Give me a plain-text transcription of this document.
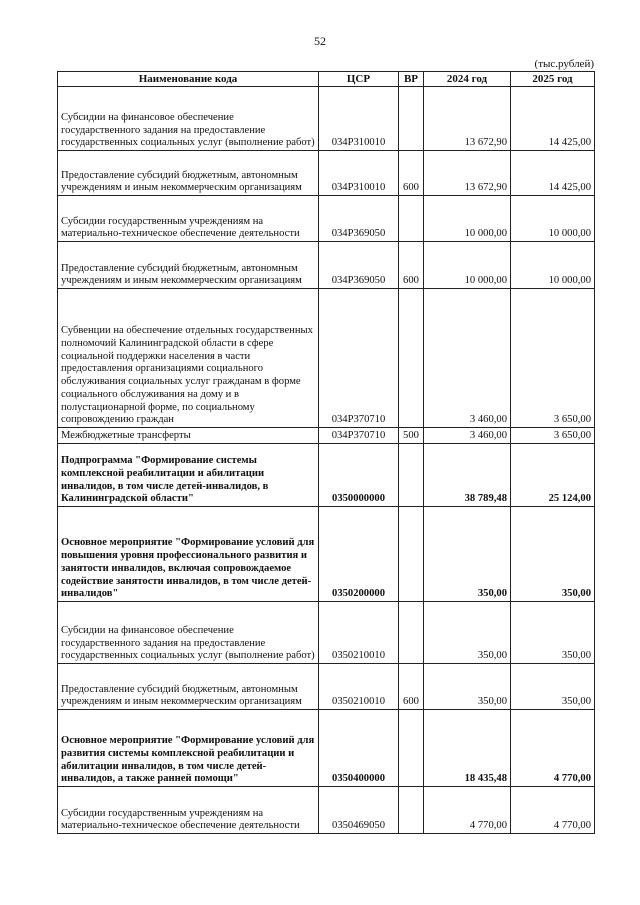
52
(тыс.рублей)
Наименование кода	ЦСР	ВР	2024 год	2025 год
Субсидии на финансовое обеспечение государственного задания на предоставление государственных социальных услуг (выполнение работ)	034Р310010		13 672,90	14 425,00
Предоставление субсидий бюджетным, автономным учреждениям и иным некоммерческим организациям	034Р310010	600	13 672,90	14 425,00
Субсидии государственным учреждениям на материально-техническое обеспечение деятельности	034Р369050		10 000,00	10 000,00
Предоставление субсидий бюджетным, автономным учреждениям и иным некоммерческим организациям	034Р369050	600	10 000,00	10 000,00
Субвенции на обеспечение отдельных государственных полномочий Калининградской области в сфере социальной поддержки населения в части предоставления организациями социального обслуживания социальных услуг гражданам в форме социального обслуживания на дому и в полустационарной форме, по социальному сопровождению граждан	034Р370710		3 460,00	3 650,00
Межбюджетные трансферты	034Р370710	500	3 460,00	3 650,00
Подпрограмма "Формирование системы комплексной реабилитации и абилитации инвалидов, в том числе детей-инвалидов, в Калининградской области"	0350000000		38 789,48	25 124,00
Основное мероприятие "Формирование условий для повышения уровня профессионального развития и занятости инвалидов, включая сопровождаемое содействие занятости инвалидов, в том числе детей-инвалидов"	0350200000		350,00	350,00
Субсидии на финансовое обеспечение государственного задания на предоставление государственных социальных услуг (выполнение работ)	0350210010		350,00	350,00
Предоставление субсидий бюджетным, автономным учреждениям и иным некоммерческим организациям	0350210010	600	350,00	350,00
Основное мероприятие "Формирование условий для развития системы комплексной реабилитации и абилитации инвалидов, в том числе детей-инвалидов, а также ранней помощи"	0350400000		18 435,48	4 770,00
Субсидии государственным учреждениям на материально-техническое обеспечение деятельности	0350469050		4 770,00	4 770,00
